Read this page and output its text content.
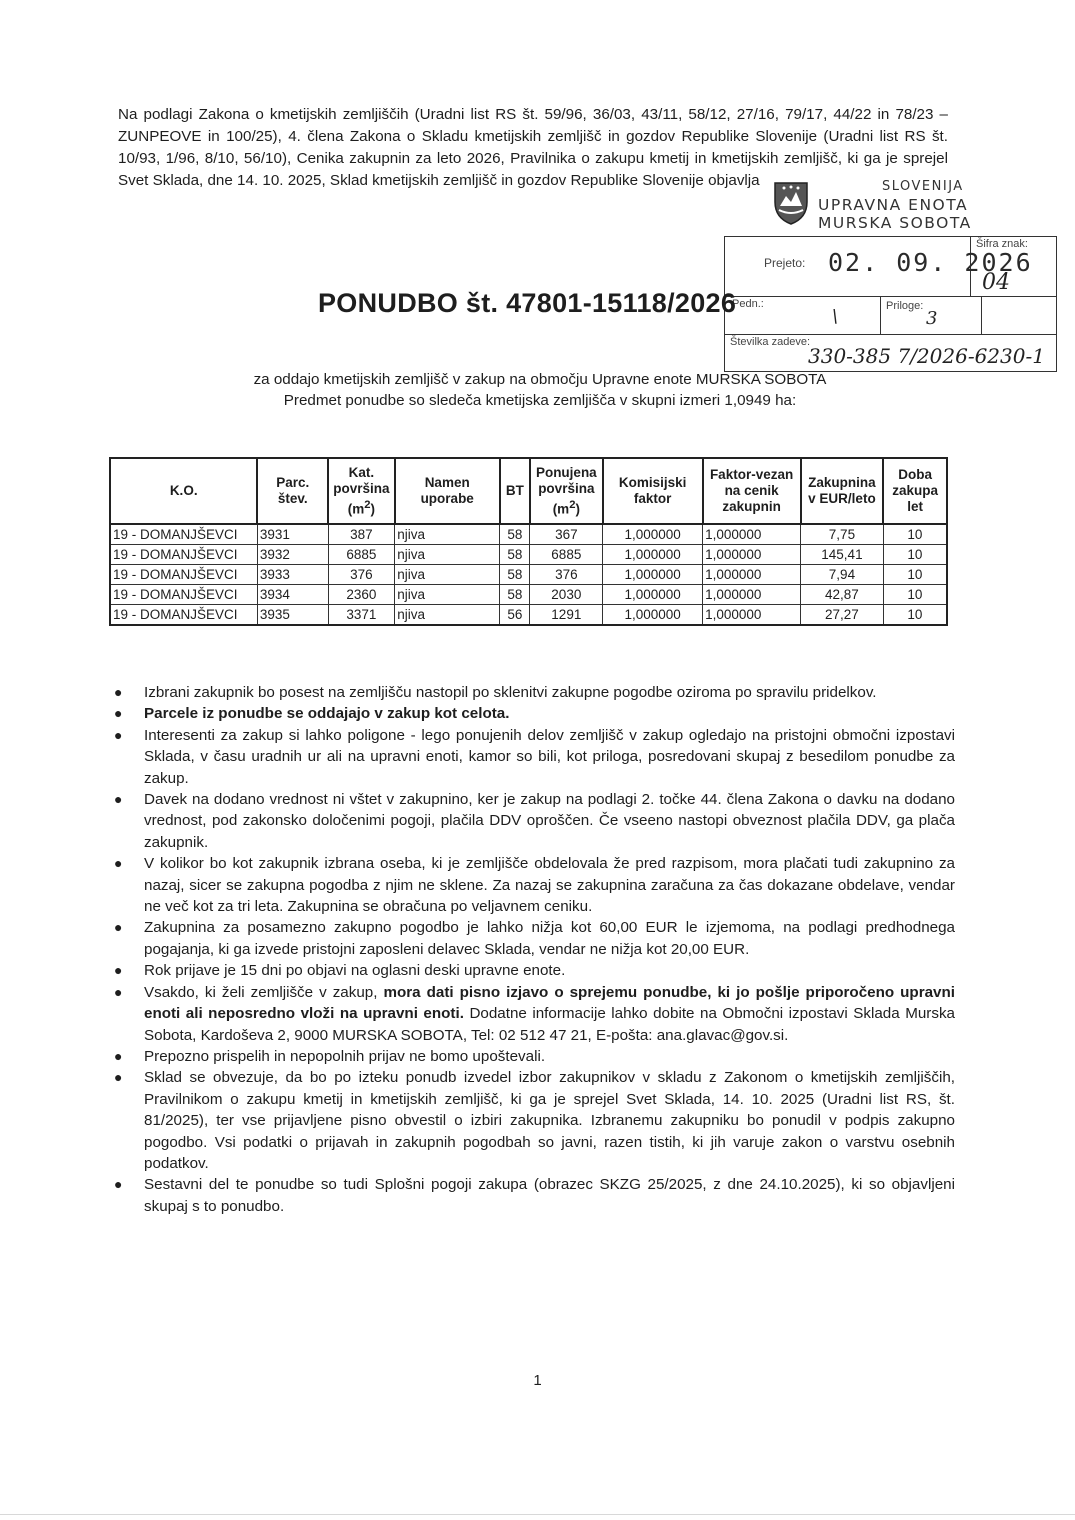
Na podlagi Zakona o kmetijskih zemljiščih (Uradni list RS št. 59/96, 36/03, 43/11, 58/12, 27/16, 79/17, 44/22 in 78/23 – ZUNPEOVE in 100/25), 4. člena Zakona o Skladu kmetijskih zemljišč in gozdov Republike Slovenije (Uradni list RS št. 10/93, 1/96, 8/10, 56/10), Cenika zakupnin za leto 2026, Pravilnika o zakupu kmetij in kmetijskih zemljišč, ki ga je sprejel Svet Sklada, dne 14. 10. 2025, Sklad kmetijskih zemljišč in gozdov Republike Slovenije objavlja	SLOVENIJA
UPRAVNA ENOTA
MURSKA SOBOTA
Prejeto: 02. 09. 2026
Šifra znak:
04
Pedn.:
\	Priloge:
3
Številka zadeve:
330-385 7/2026-6230-1
PONUDBO št. 47801-15118/2026
za oddajo kmetijskih zemljišč v zakup na območju Upravne enote MURSKA SOBOTA
Predmet ponudbe so sledeča kmetijska zemljišča v skupni izmeri 1,0949 ha:
K.O.	Parc. štev.	Kat.
površina
$(m^2)$	Namen uporabe	BT	Ponujena
površina
$(m^2)$	Komisijski faktor	Faktor-vezan na cenik zakupnin	Zakupnina v EUR/leto	Doba zakupa let
19 - DOMANJŠEVCI	3931	387	njiva	58	367	1,000000	1,000000	7,75	10
19 - DOMANJŠEVCI	3932	6885	njiva	58	6885	1,000000	1,000000	145,41	10
19 - DOMANJŠEVCI	3933	376	njiva	58	376	1,000000	1,000000	7,94	10
19 - DOMANJŠEVCI	3934	2360	njiva	58	2030	1,000000	1,000000	42,87	10
19 - DOMANJŠEVCI	3935	3371	njiva	56	1291	1,000000	1,000000	27,27	10
● Izbrani zakupnik bo posest na zemljišču nastopil po sklenitvi zakupne pogodbe oziroma po spravilu pridelkov.
● Parcele iz ponudbe se oddajajo v zakup kot celota.
● Interesenti za zakup si lahko poligone - lego ponujenih delov zemljišč v zakup ogledajo na pristojni območni izpostavi Sklada, v času uradnih ur ali na upravni enoti, kamor so bili, kot priloga, posredovani skupaj z besedilom ponudbe za zakup.
● Davek na dodano vrednost ni vštet v zakupnino, ker je zakup na podlagi 2. točke 44. člena Zakona o davku na dodano vrednost, pod zakonsko določenimi pogoji, plačila DDV oproščen. Če vseeno nastopi obveznost plačila DDV, ga plača zakupnik.
● V kolikor bo kot zakupnik izbrana oseba, ki je zemljišče obdelovala že pred razpisom, mora plačati tudi zakupnino za nazaj, sicer se zakupna pogodba z njim ne sklene. Za nazaj se zakupnina zaračuna za čas dokazane obdelave, vendar ne več kot za tri leta. Zakupnina se obračuna po veljavnem ceniku.
● Zakupnina za posamezno zakupno pogodbo je lahko nižja kot 60,00 EUR le izjemoma, na podlagi predhodnega pogajanja, ki ga izvede pristojni zaposleni delavec Sklada, vendar ne nižja kot 20,00 EUR.
● Rok prijave je 15 dni po objavi na oglasni deski upravne enote.
● Vsakdo, ki želi zemljišče v zakup, mora dati pisno izjavo o sprejemu ponudbe, ki jo pošlje priporočeno upravni enoti ali neposredno vloži na upravni enoti. Dodatne informacije lahko dobite na Območni izpostavi Sklada Murska Sobota, Kardoševa 2, 9000 MURSKA SOBOTA, Tel: 02 512 47 21, E-pošta: ana.glavac@gov.si.
● Prepozno prispelih in nepopolnih prijav ne bomo upoštevali.
● Sklad se obvezuje, da bo po izteku ponudb izvedel izbor zakupnikov v skladu z Zakonom o kmetijskih zemljiščih, Pravilnikom o zakupu kmetij in kmetijskih zemljišč, ki ga je sprejel Svet Sklada, 14. 10. 2025 (Uradni list RS, št. 81/2025), ter vse prijavljene pisno obvestil o izbiri zakupnika. Izbranemu zakupniku bo ponudil v podpis zakupno pogodbo. Vsi podatki o prijavah in zakupnih pogodbah so javni, razen tistih, ki jih varuje zakon o varstvu osebnih podatkov.
● Sestavni del te ponudbe so tudi Splošni pogoji zakupa (obrazec SKZG 25/2025, z dne 24.10.2025), ki so objavljeni skupaj s to ponudbo.
1
